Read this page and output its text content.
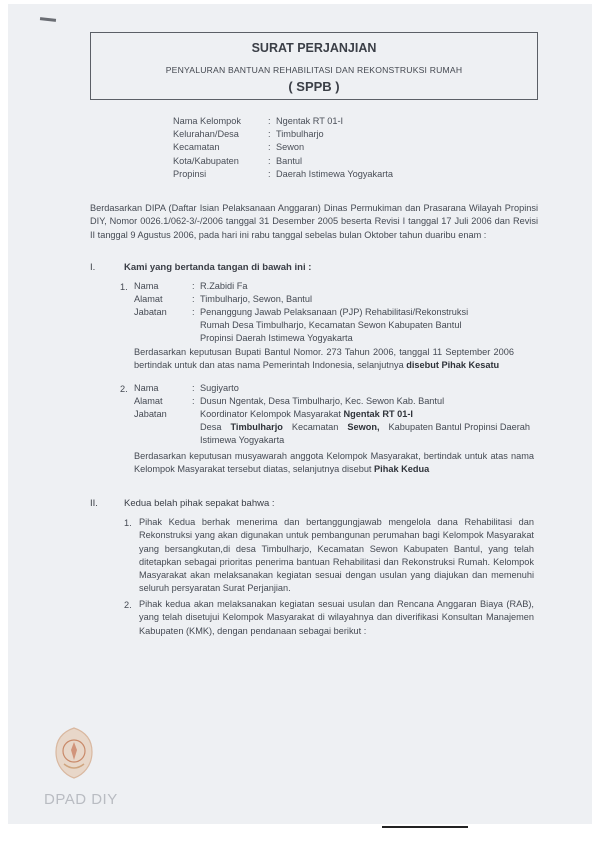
SURAT PERJANJIAN
PENYALURAN BANTUAN REHABILITASI DAN REKONSTRUKSI RUMAH
( SPPB )
Nama Kelompok	: Ngentak RT 01-I
Kelurahan/Desa	: Timbulharjo
Kecamatan	: Sewon
Kota/Kabupaten	: Bantul
Propinsi	: Daerah Istimewa Yogyakarta
Berdasarkan DIPA (Daftar Isian Pelaksanaan Anggaran) Dinas Permukiman dan Prasarana Wilayah Propinsi DIY, Nomor 0026.1/062-3/-/2006 tanggal 31 Desember 2005 beserta Revisi I tanggal 17 Juli 2006 dan Revisi II tanggal 9 Agustus 2006, pada hari ini rabu tanggal sebelas bulan Oktober tahun duaribu enam :
I.	Kami yang bertanda tangan di bawah ini :
1. Nama	: R.Zabidi Fa
Alamat	: Timbulharjo, Sewon, Bantul
Jabatan	: Penanggung Jawab Pelaksanaan (PJP) Rehabilitasi/Rekonstruksi Rumah Desa Timbulharjo, Kecamatan Sewon Kabupaten Bantul Propinsi Daerah Istimewa Yogyakarta
Berdasarkan keputusan Bupati Bantul Nomor. 273 Tahun 2006, tanggal 11 September 2006 bertindak untuk dan atas nama Pemerintah Indonesia, selanjutnya disebut Pihak Kesatu
2. Nama	: Sugiyarto
Alamat	: Dusun Ngentak, Desa Timbulharjo, Kec. Sewon Kab. Bantul
Jabatan	Koordinator Kelompok Masyarakat Ngentak RT 01-I
Desa Timbulharjo Kecamatan Sewon, Kabupaten Bantul Propinsi Daerah
Istimewa Yogyakarta
Berdasarkan keputusan musyawarah anggota Kelompok Masyarakat, bertindak untuk atas nama Kelompok Masyarakat tersebut diatas, selanjutnya disebut Pihak Kedua
II.	Kedua belah pihak sepakat bahwa :
1. Pihak Kedua berhak menerima dan bertanggungjawab mengelola dana Rehabilitasi dan Rekonstruksi yang akan digunakan untuk pembangunan perumahan bagi Kelompok Masyarakat yang bersangkutan,di desa Timbulharjo, Kecamatan Sewon Kabupaten Bantul, yang telah ditetapkan sebagai prioritas penerima bantuan Rehabilitasi dan Rekonstruksi Rumah. Kelompok Masyarakat akan melaksanakan kegiatan sesuai dengan usulan yang diajukan dan memenuhi seluruh persyaratan Surat Perjanjian.
2. Pihak kedua akan melaksanakan kegiatan sesuai usulan dan Rencana Anggaran Biaya (RAB), yang telah disetujui Kelompok Masyarakat di wilayahnya dan diverifikasi Konsultan Manajemen Kabupaten (KMK), dengan pendanaan sebagai berikut :
DPAD DIY
